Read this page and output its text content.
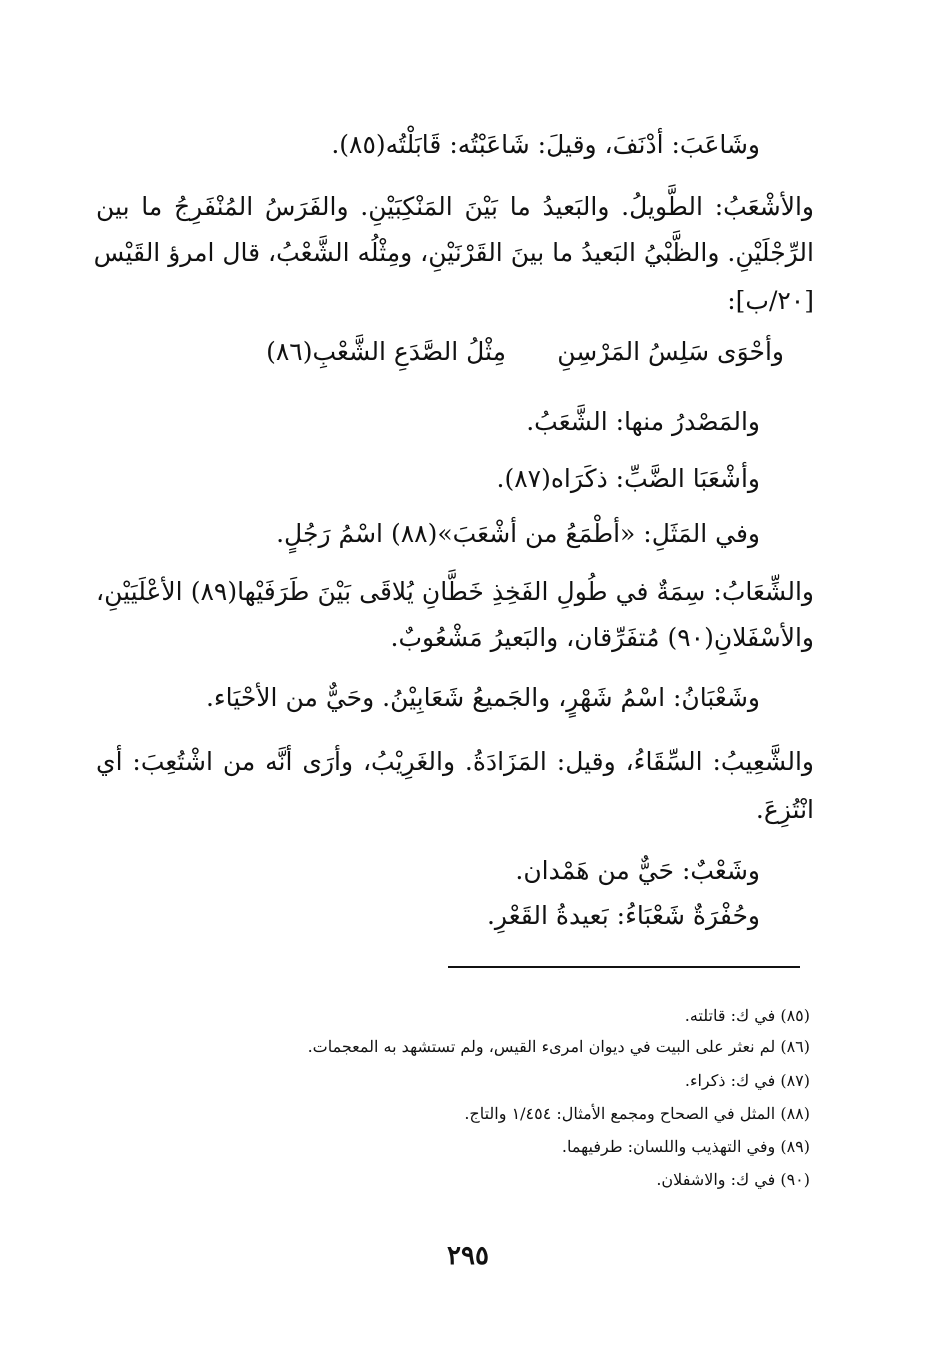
وشَاعَبَ: أدْنَفَ، وقيلَ: شَاعَبْتُه: قَابَلْتُه(٨٥).
والأشْعَبُ: الطَّويلُ. والبَعيدُ ما بَيْنَ المَنْكِبَيْنِ. والفَرَسُ المُنْفَرِجُ ما بين
الرِّجْلَيْنِ. والظَّبْيُ البَعيدُ ما بينَ القَرْنَيْنِ، ومِثْلُه الشَّعْبُ، قال امرؤ القَيْس
[٢٠/ب]:
وأحْوَى سَلِسُ المَرْسِنِ
مِثْلُ الصَّدَعِ الشَّعْبِ(٨٦)
والمَصْدرُ منها: الشَّعَبُ.
وأشْعَبَا الضَّبِّ: ذكَرَاه(٨٧).
وفي المَثَلِ: «أطْمَعُ من أشْعَبَ»(٨٨) اسْمُ رَجُلٍ.
والشِّعَابُ: سِمَةٌ في طُولِ الفَخِذِ خَطَّانِ يُلاقَى بَيْنَ طَرَفَيْها(٨٩) الأعْلَيَيْنِ،
والأسْفَلانِ(٩٠) مُتفَرِّقان، والبَعيرُ مَشْعُوبٌ.
وشَعْبَانُ: اسْمُ شَهْرٍ، والجَميعُ شَعَابِيْنُ. وحَيٌّ من الأحْيَاء.
والشَّعِيبُ: السِّقَاءُ، وقيل: المَزَادَةُ. والغَرِيْبُ، وأرَى أنَّه من اشْتُعِبَ: أي
انْتُزِعَ.
وشَعْبٌ: حَيٌّ من هَمْدان.
وحُفْرَةٌ شَعْبَاءُ: بَعيدةُ القَعْرِ.
(٨٥) في ك: قاتلته.
(٨٦) لم نعثر على البيت في ديوان امرىء القيس، ولم تستشهد به المعجمات.
(٨٧) في ك: ذكراء.
(٨٨) المثل في الصحاح ومجمع الأمثال: ١/٤٥٤ والتاج.
(٨٩) وفي التهذيب واللسان: طرفيهما.
(٩٠) في ك: والاشفلان.
٢٩٥
